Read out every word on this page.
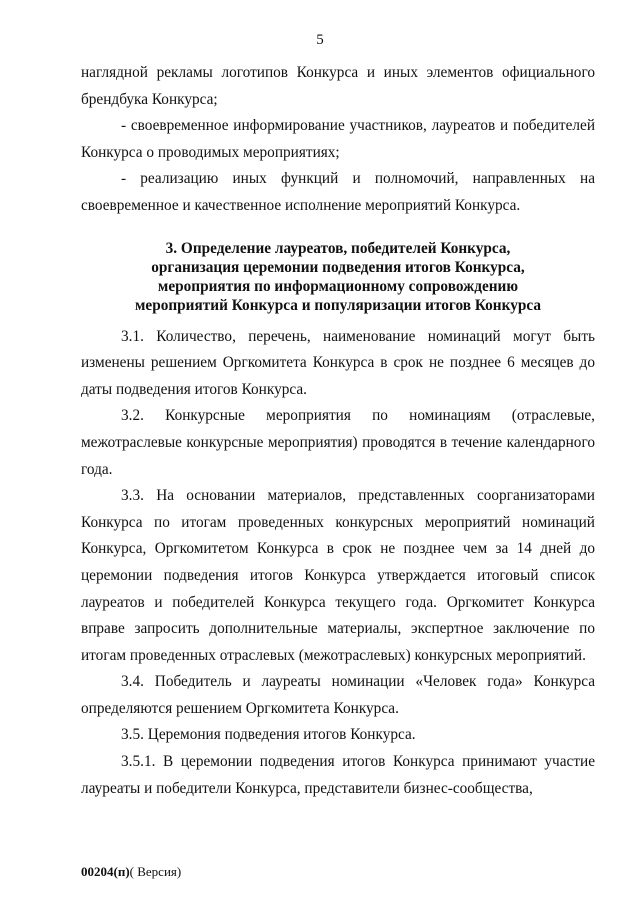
5

наглядной рекламы логотипов Конкурса и иных элементов официального брендбука Конкурса;

- своевременное информирование участников, лауреатов и победителей Конкурса о проводимых мероприятиях;

- реализацию иных функций и полномочий, направленных на своевременное и качественное исполнение мероприятий Конкурса.

3. Определение лауреатов, победителей Конкурса,
организация церемонии подведения итогов Конкурса,
мероприятия по информационному сопровождению
мероприятий Конкурса и популяризации итогов Конкурса

3.1. Количество, перечень, наименование номинаций могут быть изменены решением Оргкомитета Конкурса в срок не позднее 6 месяцев до даты подведения итогов Конкурса.

3.2. Конкурсные мероприятия по номинациям (отраслевые, межотраслевые конкурсные мероприятия) проводятся в течение календарного года.

3.3. На основании материалов, представленных соорганизаторами Конкурса по итогам проведенных конкурсных мероприятий номинаций Конкурса, Оргкомитетом Конкурса в срок не позднее чем за 14 дней до церемонии подведения итогов Конкурса утверждается итоговый список лауреатов и победителей Конкурса текущего года. Оргкомитет Конкурса вправе запросить дополнительные материалы, экспертное заключение по итогам проведенных отраслевых (межотраслевых) конкурсных мероприятий.

3.4. Победитель и лауреаты номинации «Человек года» Конкурса определяются решением Оргкомитета Конкурса.

3.5. Церемония подведения итогов Конкурса.

3.5.1. В церемонии подведения итогов Конкурса принимают участие лауреаты и победители Конкурса, представители бизнес-сообщества,

00204(п)( Версия)
